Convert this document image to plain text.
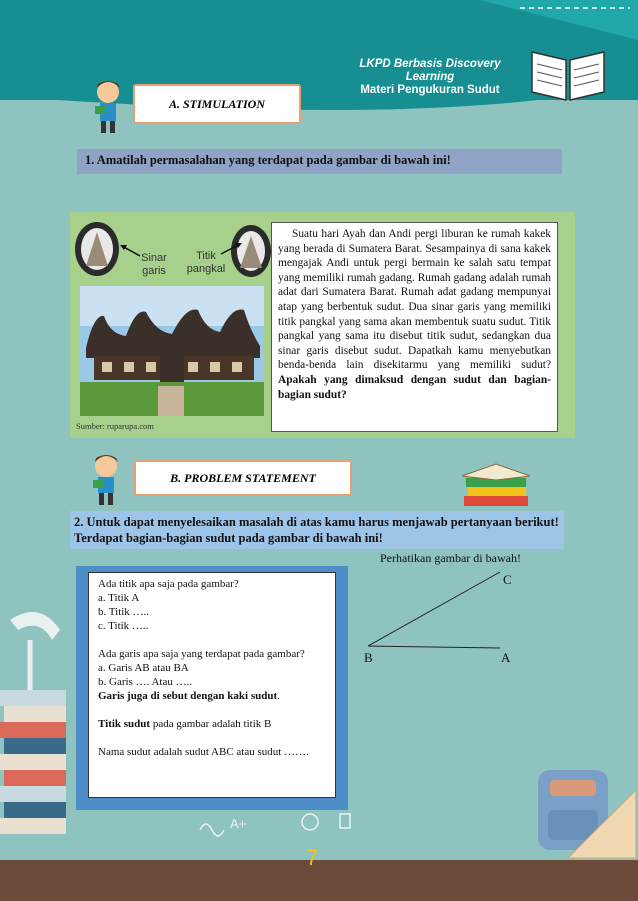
LKPD Berbasis Discovery Learning
Materi Pengukuran Sudut
A. STIMULATION
1. Amatilah permasalahan yang terdapat pada gambar di bawah ini!
Sinar
garis
Titik
pangkal
Sumber: ruparupa.com
Suatu hari Ayah dan Andi pergi liburan ke rumah kakek yang berada di Sumatera Barat. Sesampainya di sana kakek mengajak Andi untuk pergi bermain ke salah satu tempat yang memiliki rumah gadang. Rumah gadang adalah rumah adat dari Sumatera Barat. Rumah adat gadang mempunyai atap yang berbentuk sudut. Dua sinar garis yang memiliki titik pangkal yang sama akan membentuk suatu sudut. Titik pangkal yang sama itu disebut titik sudut, sedangkan dua sinar garis disebut sudut. Dapatkah kamu menyebutkan benda-benda lain disekitarmu yang memiliki sudut? Apakah yang dimaksud dengan sudut dan bagian- bagian sudut?
B. PROBLEM STATEMENT
2. Untuk dapat menyelesaikan masalah di atas kamu harus menjawab pertanyaan berikut! Terdapat bagian-bagian sudut pada gambar di bawah ini!
Perhatikan gambar di bawah!
C
B	A

Ada titik apa saja pada gambar?

a. Titik A

b. Titik …..

c. Titik …..

Ada garis apa saja yang terdapat pada gambar?

a. Garis AB atau BA

b. Garis …. Atau …..

Garis juga di sebut dengan kaki sudut.

Titik sudut pada gambar adalah titik B

Nama sudut adalah sudut ABC atau sudut …….

A+
7
